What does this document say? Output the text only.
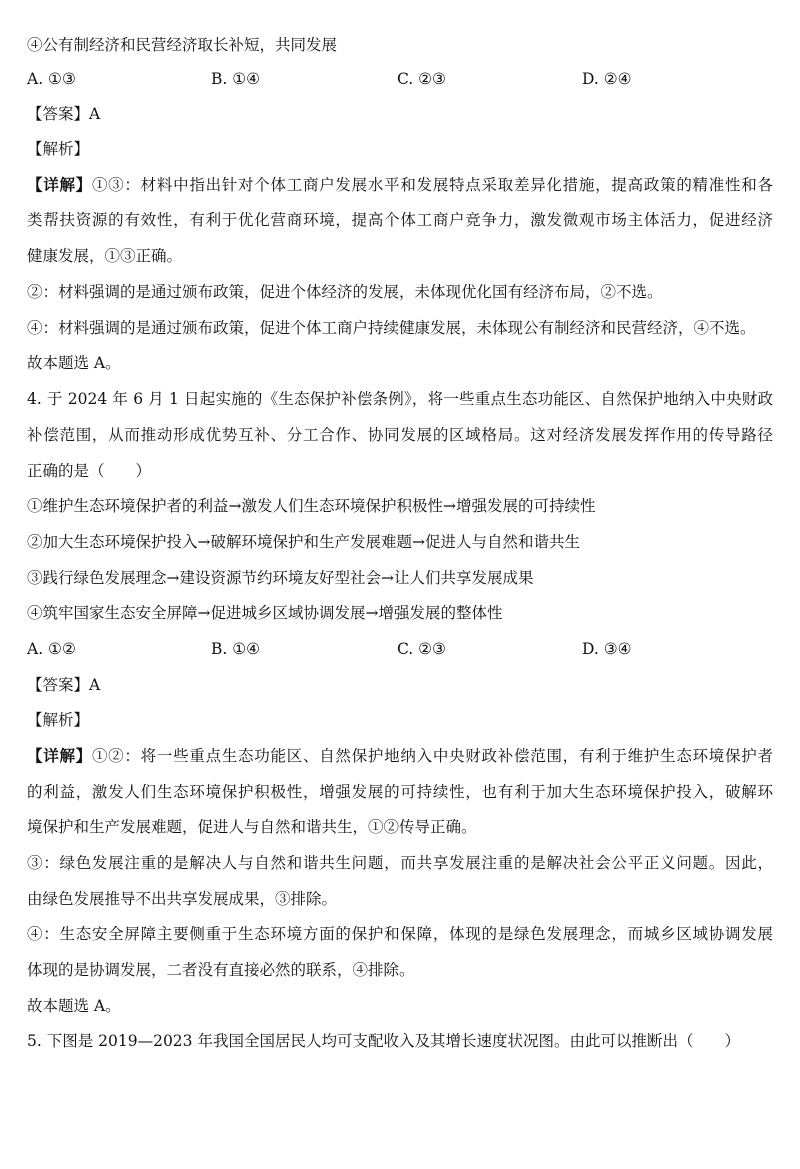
④公有制经济和民营经济取长补短，共同发展
A. ①③	B. ①④	C. ②③	D. ②④
【答案】A
【解析】
【详解】①③：材料中指出针对个体工商户发展水平和发展特点采取差异化措施，提高政策的精准性和各
类帮扶资源的有效性，有利于优化营商环境，提高个体工商户竞争力，激发微观市场主体活力，促进经济
健康发展，①③正确。
②：材料强调的是通过颁布政策，促进个体经济的发展，未体现优化国有经济布局，②不选。
④：材料强调的是通过颁布政策，促进个体工商户持续健康发展，未体现公有制经济和民营经济，④不选。
故本题选 A。
4. 于 2024 年 6 月 1 日起实施的《生态保护补偿条例》，将一些重点生态功能区、自然保护地纳入中央财政
补偿范围，从而推动形成优势互补、分工合作、协同发展的区域格局。这对经济发展发挥作用的传导路径
正确的是（　　）
①维护生态环境保护者的利益→激发人们生态环境保护积极性→增强发展的可持续性
②加大生态环境保护投入→破解环境保护和生产发展难题→促进人与自然和谐共生
③践行绿色发展理念→建设资源节约环境友好型社会→让人们共享发展成果
④筑牢国家生态安全屏障→促进城乡区域协调发展→增强发展的整体性
A. ①②	B. ①④	C. ②③	D. ③④
【答案】A
【解析】
【详解】①②：将一些重点生态功能区、自然保护地纳入中央财政补偿范围，有利于维护生态环境保护者
的利益，激发人们生态环境保护积极性，增强发展的可持续性，也有利于加大生态环境保护投入，破解环
境保护和生产发展难题，促进人与自然和谐共生，①②传导正确。
③：绿色发展注重的是解决人与自然和谐共生问题，而共享发展注重的是解决社会公平正义问题。因此，
由绿色发展推导不出共享发展成果，③排除。
④：生态安全屏障主要侧重于生态环境方面的保护和保障，体现的是绿色发展理念，而城乡区域协调发展
体现的是协调发展，二者没有直接必然的联系，④排除。
故本题选 A。
5. 下图是 2019—2023 年我国全国居民人均可支配收入及其增长速度状况图。由此可以推断出（　　）
